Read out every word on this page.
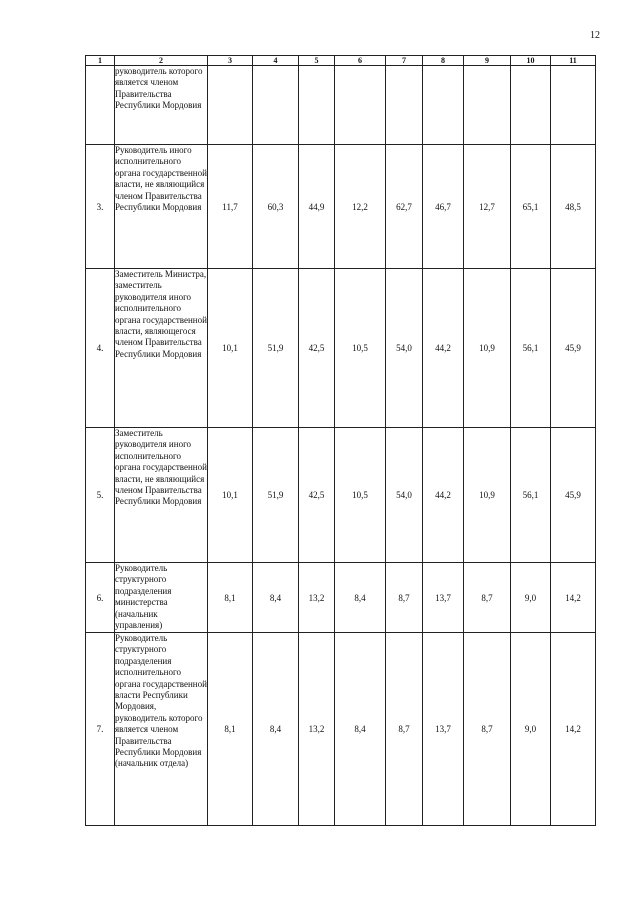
12
1	2	3	4	5	6	7	8	9	10	11
	руководитель которого является членом Правительства Республики Мордовия									
3.	Руководитель иного исполнительного органа государственной власти, не являющийся членом Правительства Республики Мордовия	11,7	60,3	44,9	12,2	62,7	46,7	12,7	65,1	48,5
4.	Заместитель Министра, заместитель руководителя иного исполнительного органа государственной власти, являющегося членом Правительства Республики Мордовия	10,1	51,9	42,5	10,5	54,0	44,2	10,9	56,1	45,9
5.	Заместитель руководителя иного исполнительного органа государственной власти, не являющийся членом Правительства Республики Мордовия	10,1	51,9	42,5	10,5	54,0	44,2	10,9	56,1	45,9
6.	Руководитель структурного подразделения министерства (начальник управления)	8,1	8,4	13,2	8,4	8,7	13,7	8,7	9,0	14,2
7.	Руководитель структурного подразделения исполнительного органа государственной власти Республики Мордовия, руководитель которого является членом Правительства Республики Мордовия (начальник отдела)	8,1	8,4	13,2	8,4	8,7	13,7	8,7	9,0	14,2
